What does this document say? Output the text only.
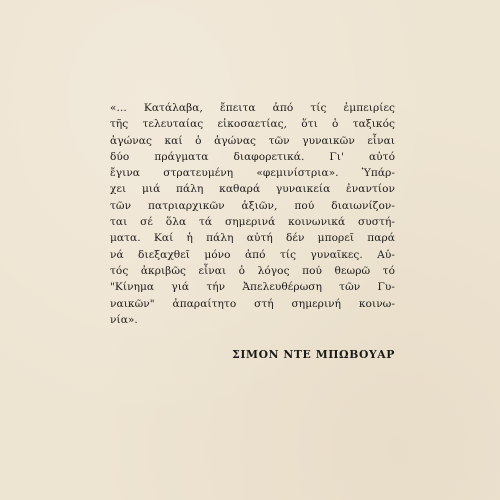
«... Κατάλαβα, ἔπειτα ἀπό τίς ἐμπειρίες
τῆς τελευταίας εἰκοσαετίας, ὅτι ὁ ταξικός
ἀγώνας καί ὁ ἀγώνας τῶν γυναικῶν εἶναι
δύο πράγματα διαφορετικά. Γι' αὐτό
ἔγινα στρατευμένη «φεμινίστρια». Ὑπάρ-
χει μιά πάλη καθαρά γυναικεία ἐναντίον
τῶν πατριαρχικῶν ἀξιῶν, πού διαιωνίζον-
ται σέ ὅλα τά σημερινά κοινωνικά συστή-
ματα. Καί ἡ πάλη αὐτή δέν μπορεῖ παρά
νά διεξαχθεῖ μόνο ἀπό τίς γυναῖκες. Αὐ-
τός ἀκριβῶς εἶναι ὁ λόγος πού θεωρῶ τό
"Κίνημα γιά τήν Ἀπελευθέρωση τῶν Γυ-
ναικῶν" ἀπαραίτητο στή σημερινή κοινω-
νία».

ΣΙΜΟΝ ΝΤΕ ΜΠΩΒΟΥΑΡ
